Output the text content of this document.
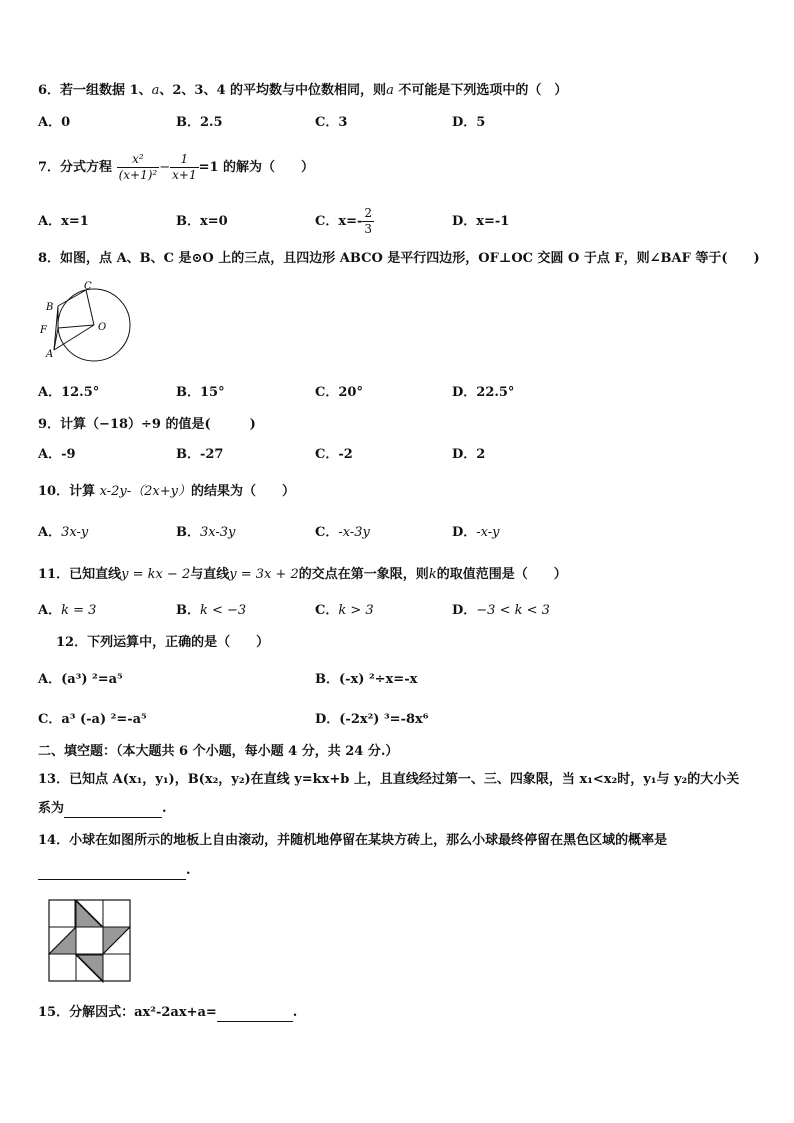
6．若一组数据 1、a、2、3、4 的平均数与中位数相同，则a 不可能是下列选项中的（　）
A．0	B．2.5	C．3	D．5
7．分式方程 $\frac{\text{x²}}{\text{(x+1)²}} - \frac{1}{x+1} =1$ 的解为（　　）
A．x=1	B．x=0	C．$x=- \frac{2}{3}$	D．x=-1
8．如图，点 A、B、C 是⊙O 上的三点，且四边形 ABCO 是平行四边形，OF⊥OC 交圆 O 于点 F，则∠BAF 等于(　　)
C
B
F
A
O
A．12.5°	B．15°	C．20°	D．22.5°
9．计算（−18）÷9 的值是(　　　)
A．-9	B．-27	C．-2	D．2
10．计算 x-2y-（2x+y）的结果为（　　）
A．3x-y	B．3x-3y	C．-x-3y	D．-x-y
11．已知直线y = kx − 2与直线y = 3x + 2的交点在第一象限，则k的取值范围是（　　）
A．k = 3	B．k < −3	C．k > 3	D．−3 < k < 3
12．下列运算中，正确的是（　　）
A．(a³) ²=a⁵	B．(-x) ²÷x=-x
C．a³ (-a) ²=-a⁵	D．(-2x²) ³=-8x⁶
二、填空题：（本大题共 6 个小题，每小题 4 分，共 24 分.）
13．已知点 A(x₁，y₁)，B(x₂，y₂)在直线 y=kx+b 上，且直线经过第一、三、四象限，当 x₁<x₂时，y₁与 y₂的大小关
系为	.
14．小球在如图所示的地板上自由滚动，并随机地停留在某块方砖上，那么小球最终停留在黑色区域的概率是
.
15．分解因式：ax²-2ax+a=	.
